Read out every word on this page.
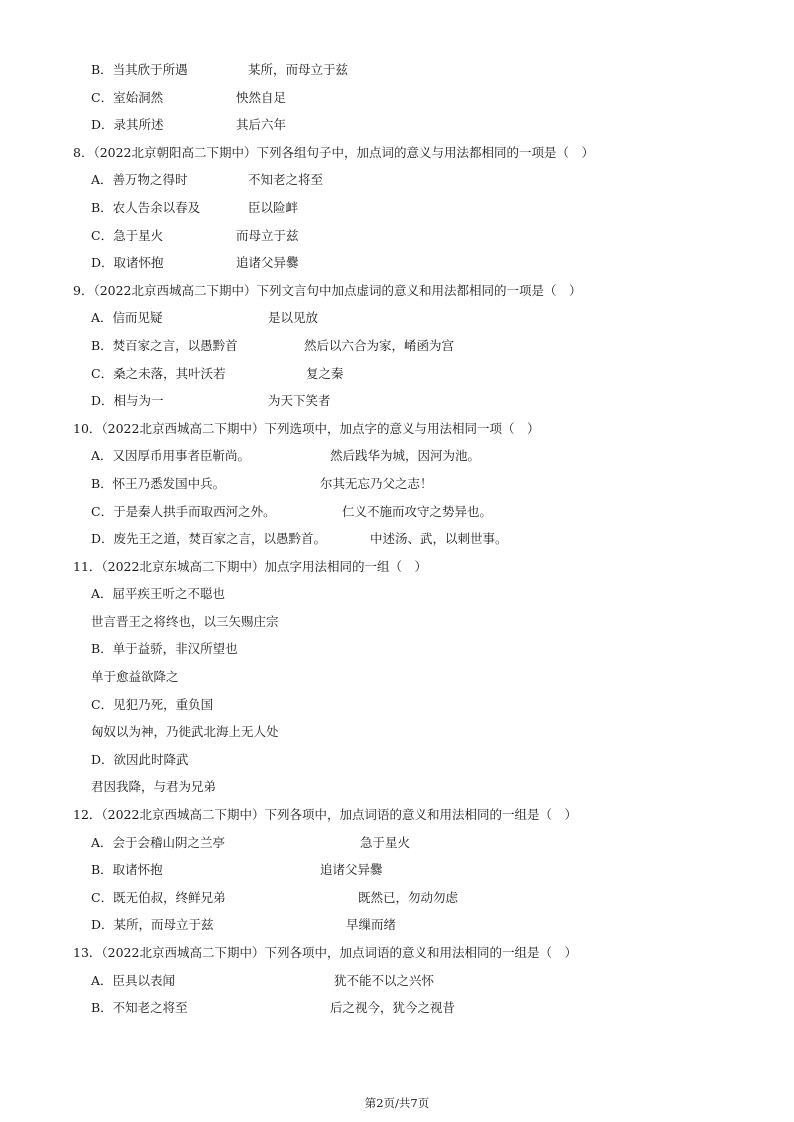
B．当其欣于所遇	某所，而母立于兹
C．室始洞然	怏然自足
D．录其所述	其后六年
8．（2022北京朝阳高二下期中）下列各组句子中，加点词的意义与用法都相同的一项是（　）
A．善万物之得时	不知老之将至
B．农人告余以春及	臣以险衅
C．急于星火	而母立于兹
D．取诸怀抱	追诸父异爨
9．（2022北京西城高二下期中）下列文言句中加点虚词的意义和用法都相同的一项是（　）
A．信而见疑	是以见放
B．焚百家之言，以愚黔首	然后以六合为家，崤函为宫
C．桑之未落，其叶沃若	复之秦
D．相与为一	为天下笑者
10．（2022北京西城高二下期中）下列选项中，加点字的意义与用法相同一项（　）
A．又因厚币用事者臣靳尚。	然后践华为城，因河为池。
B．怀王乃悉发国中兵。	尔其无忘乃父之志！
C．于是秦人拱手而取西河之外。	仁义不施而攻守之势异也。
D．废先王之道，焚百家之言，以愚黔首。	中述汤、武，以刺世事。
11．（2022北京东城高二下期中）加点字用法相同的一组（　）
A．屈平疾王听之不聪也
世言晋王之将终也，以三矢赐庄宗
B．单于益骄，非汉所望也
单于愈益欲降之
C．见犯乃死，重负国
匈奴以为神，乃徙武北海上无人处
D．欲因此时降武
君因我降，与君为兄弟
12．（2022北京西城高二下期中）下列各项中，加点词语的意义和用法相同的一组是（　）
A．会于会稽山阴之兰亭	急于星火
B．取诸怀抱	追诸父异爨
C．既无伯叔，终鲜兄弟	既然已，勿动勿虑
D．某所，而母立于兹	早缫而绪
13．（2022北京西城高二下期中）下列各项中，加点词语的意义和用法相同的一组是（　）
A．臣具以表闻	犹不能不以之兴怀
B．不知老之将至	后之视今，犹今之视昔
第2页/共7页
